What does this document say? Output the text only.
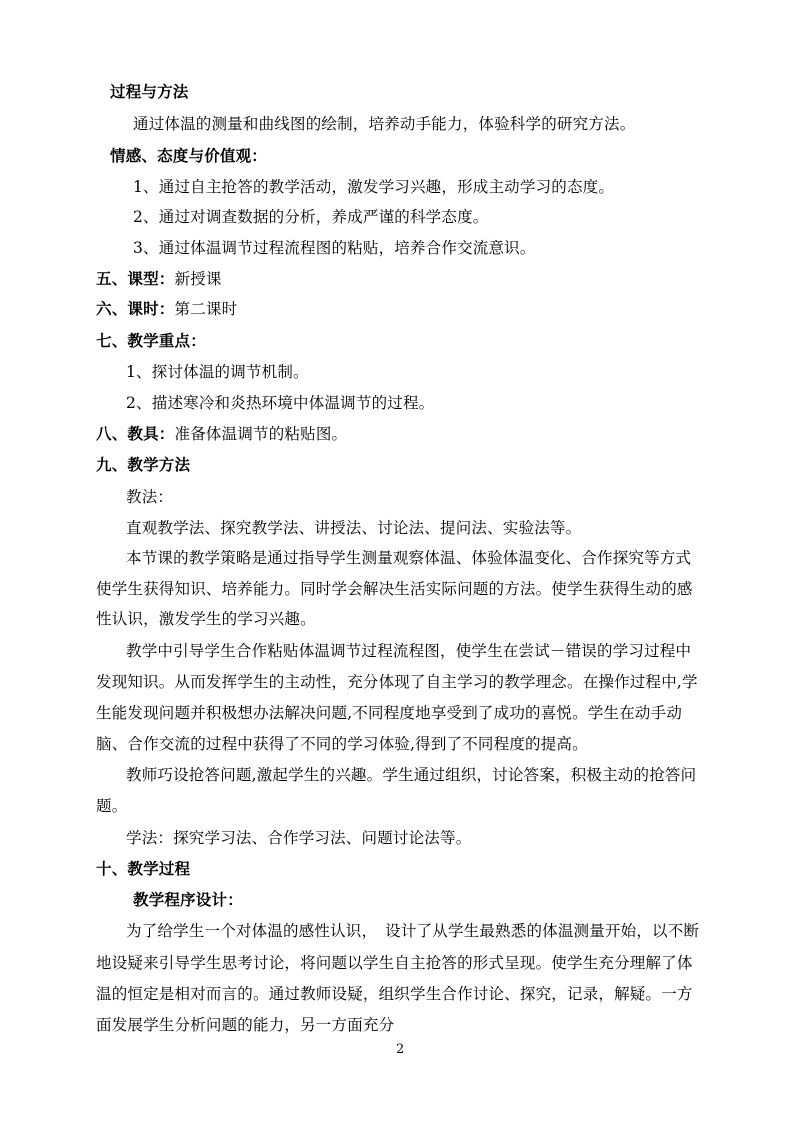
过程与方法
通过体温的测量和曲线图的绘制，培养动手能力，体验科学的研究方法。
情感、态度与价值观：
1、通过自主抢答的教学活动，激发学习兴趣，形成主动学习的态度。
2、通过对调查数据的分析，养成严谨的科学态度。
3、通过体温调节过程流程图的粘贴，培养合作交流意识。
五、课型：新授课
六、课时：第二课时
七、教学重点：
1、探讨体温的调节机制。
2、描述寒冷和炎热环境中体温调节的过程。
八、教具：准备体温调节的粘贴图。
九、教学方法
教法：
直观教学法、探究教学法、讲授法、讨论法、提问法、实验法等。
本节课的教学策略是通过指导学生测量观察体温、体验体温变化、合作探究等方式
使学生获得知识、培养能力。同时学会解决生活实际问题的方法。使学生获得生动的感
性认识，激发学生的学习兴趣。
教学中引导学生合作粘贴体温调节过程流程图，使学生在尝试－错误的学习过程中
发现知识。从而发挥学生的主动性，充分体现了自主学习的教学理念。在操作过程中,学
生能发现问题并积极想办法解决问题,不同程度地享受到了成功的喜悦。学生在动手动
脑、合作交流的过程中获得了不同的学习体验,得到了不同程度的提高。
教师巧设抢答问题,激起学生的兴趣。学生通过组织，讨论答案，积极主动的抢答问
题。
学法：探究学习法、合作学习法、问题讨论法等。
十、教学过程
教学程序设计：
为了给学生一个对体温的感性认识，　设计了从学生最熟悉的体温测量开始，以不断
地设疑来引导学生思考讨论，将问题以学生自主抢答的形式呈现。使学生充分理解了体
温的恒定是相对而言的。通过教师设疑，组织学生合作讨论、探究，记录，解疑。一方
面发展学生分析问题的能力，另一方面充分
2
